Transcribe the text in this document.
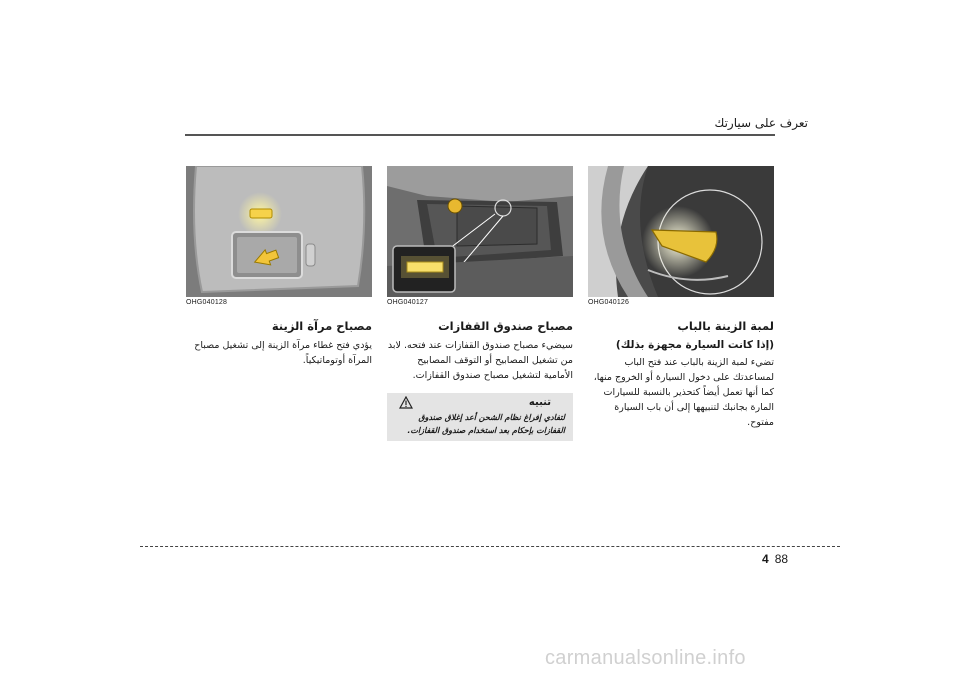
تعرف على سيارتك
OHG040128	OHG040127	OHG040126
مصباح مرآة الزينة

يؤدي فتح غطاء مرآة الزينة إلى تشغيل مصباح المرآة أوتوماتيكياً.

مصباح صندوق القفازات

سيضيء مصباح صندوق القفازات عند فتحه. لابد من تشغيل المصابيح أو التوقف المصابيح الأمامية لتشغيل مصباح صندوق القفازات.

تنبيه
لتفادي إفراغ نظام الشحن أعد إغلاق صندوق القفازات بإحكام بعد استخدام صندوق القفازات.
لمبة الزينة بالباب
(إذا كانت السيارة مجهزة بذلك)

تضيء لمبة الزينة بالباب عند فتح الباب لمساعدتك على دخول السيارة أو الخروج منها، كما أنها تعمل أيضاً كتحذير بالنسبة للسيارات المارة بجانبك لتنبيهها إلى أن باب السيارة مفتوح.

4 88
carmanualsonline.info
